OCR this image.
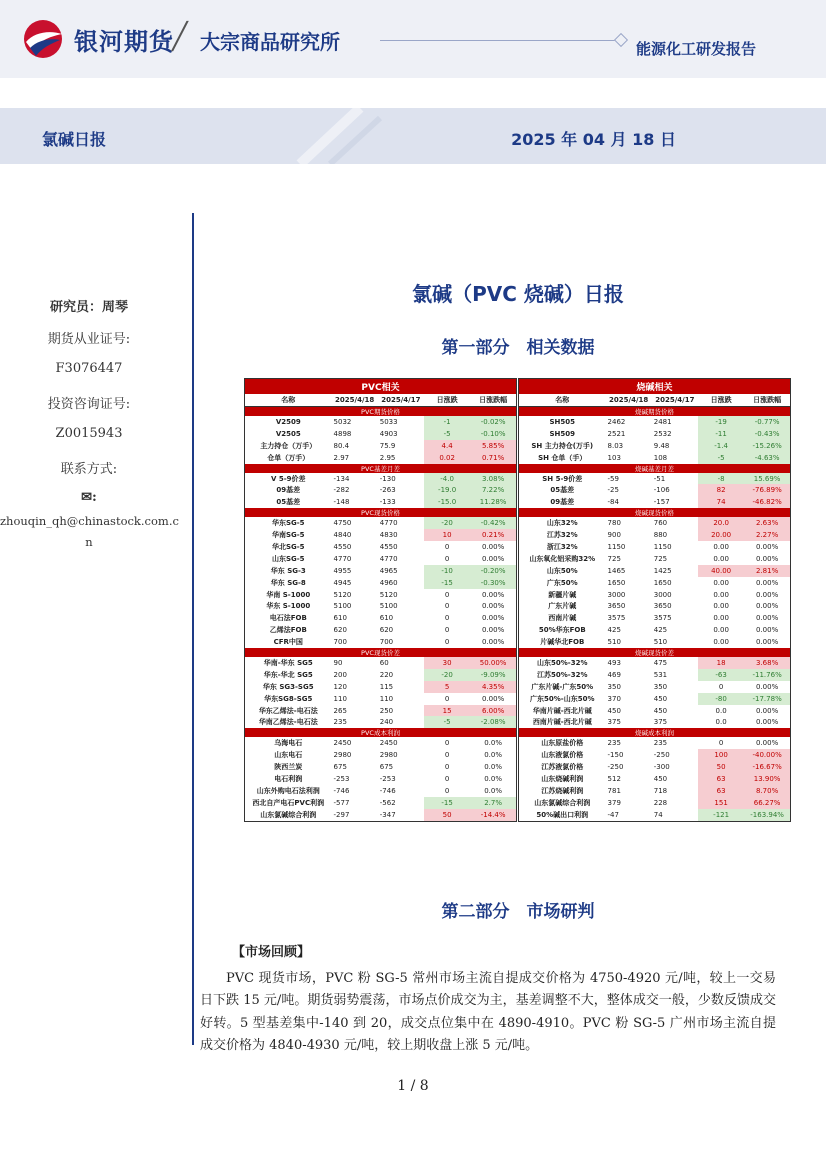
银河期货
╱ 大宗商品研究所	能源化工研发报告
氯碱日报	2025 年 04 月 18 日
研究员：周琴
期货从业证号:
F3076447
投资咨询证号:
Z0015943
联系方式:
✉:
zhouqin_qh@chinastock.com.c
n
氯碱（PVC 烧碱）日报
第一部分　相关数据
PVC相关				
名称	2025/4/18	2025/4/17	日涨跌	日涨跌幅
PVC期货价格				
V2509	5032	5033	-1	-0.02%
V2505	4898	4903	-5	-0.10%
主力持仓（万手）	80.4	75.9	4.4	5.85%
仓单（万手）	2.97	2.95	0.02	0.71%
PVC基差月差				
V 5-9价差	-134	-130	-4.0	3.08%
09基差	-282	-263	-19.0	7.22%
05基差	-148	-133	-15.0	11.28%
PVC现货价格				
华东SG-5	4750	4770	-20	-0.42%
华南SG-5	4840	4830	10	0.21%
华北SG-5	4550	4550	0	0.00%
山东SG-5	4770	4770	0	0.00%
华东 SG-3	4955	4965	-10	-0.20%
华东 SG-8	4945	4960	-15	-0.30%
华南 S-1000	5120	5120	0	0.00%
华东 S-1000	5100	5100	0	0.00%
电石法FOB	610	610	0	0.00%
乙烯法FOB	620	620	0	0.00%
CFR中国	700	700	0	0.00%
PVC现货价差				
华南-华东 SG5	90	60	30	50.00%
华东-华北 SG5	200	220	-20	-9.09%
华东 SG3-SG5	120	115	5	4.35%
华东SG8-SG5	110	110	0	0.00%
华东乙烯法-电石法	265	250	15	6.00%
华南乙烯法-电石法	235	240	-5	-2.08%
PVC成本利润				
乌海电石	2450	2450	0	0.0%
山东电石	2980	2980	0	0.0%
陕西兰炭	675	675	0	0.0%
电石利润	-253	-253	0	0.0%
山东外购电石法利润	-746	-746	0	0.0%
西北自产电石PVC利润	-577	-562	-15	2.7%
山东氯碱综合利润	-297	-347	50	-14.4%
烧碱相关				
名称	2025/4/18	2025/4/17	日涨跌	日涨跌幅
烧碱期货价格				
SH505	2462	2481	-19	-0.77%
SH509	2521	2532	-11	-0.43%
SH 主力持仓(万手)	8.03	9.48	-1.4	-15.26%
SH 仓单（手）	103	108	-5	-4.63%
烧碱基差月差				
SH 5-9价差	-59	-51	-8	15.69%
05基差	-25	-106	82	-76.89%
09基差	-84	-157	74	-46.82%
烧碱现货价格				
山东32%	780	760	20.0	2.63%
江苏32%	900	880	20.00	2.27%
浙江32%	1150	1150	0.00	0.00%
山东氧化铝采购32%	725	725	0.00	0.00%
山东50%	1465	1425	40.00	2.81%
广东50%	1650	1650	0.00	0.00%
新疆片碱	3000	3000	0.00	0.00%
广东片碱	3650	3650	0.00	0.00%
西南片碱	3575	3575	0.00	0.00%
50%华东FOB	425	425	0.00	0.00%
片碱华北FOB	510	510	0.00	0.00%
烧碱现货价差				
山东50%-32%	493	475	18	3.68%
江苏50%-32%	469	531	-63	-11.76%
广东片碱-广东50%	350	350	0	0.00%
广东50%-山东50%	370	450	-80	-17.78%
华南片碱-西北片碱	450	450	0.0	0.00%
西南片碱-西北片碱	375	375	0.0	0.00%
烧碱成本利润				
山东原盐价格	235	235	0	0.00%
山东液氯价格	-150	-250	100	-40.00%
江苏液氯价格	-250	-300	50	-16.67%
山东烧碱利润	512	450	63	13.90%
江苏烧碱利润	781	718	63	8.70%
山东氯碱综合利润	379	228	151	66.27%
50%碱出口利润	-47	74	-121	-163.94%
第二部分　市场研判
【市场回顾】
PVC 现货市场，PVC 粉 SG-5 常州市场主流自提成交价格为 4750-4920 元/吨，较上一交易日下跌 15 元/吨。期货弱势震荡，市场点价成交为主，基差调整不大，整体成交一般，少数反馈成交好转。5 型基差集中-140 到 20，成交点位集中在 4890-4910。PVC 粉 SG-5 广州市场主流自提成交价格为 4840-4930 元/吨，较上期收盘上涨 5 元/吨。
1 / 8
